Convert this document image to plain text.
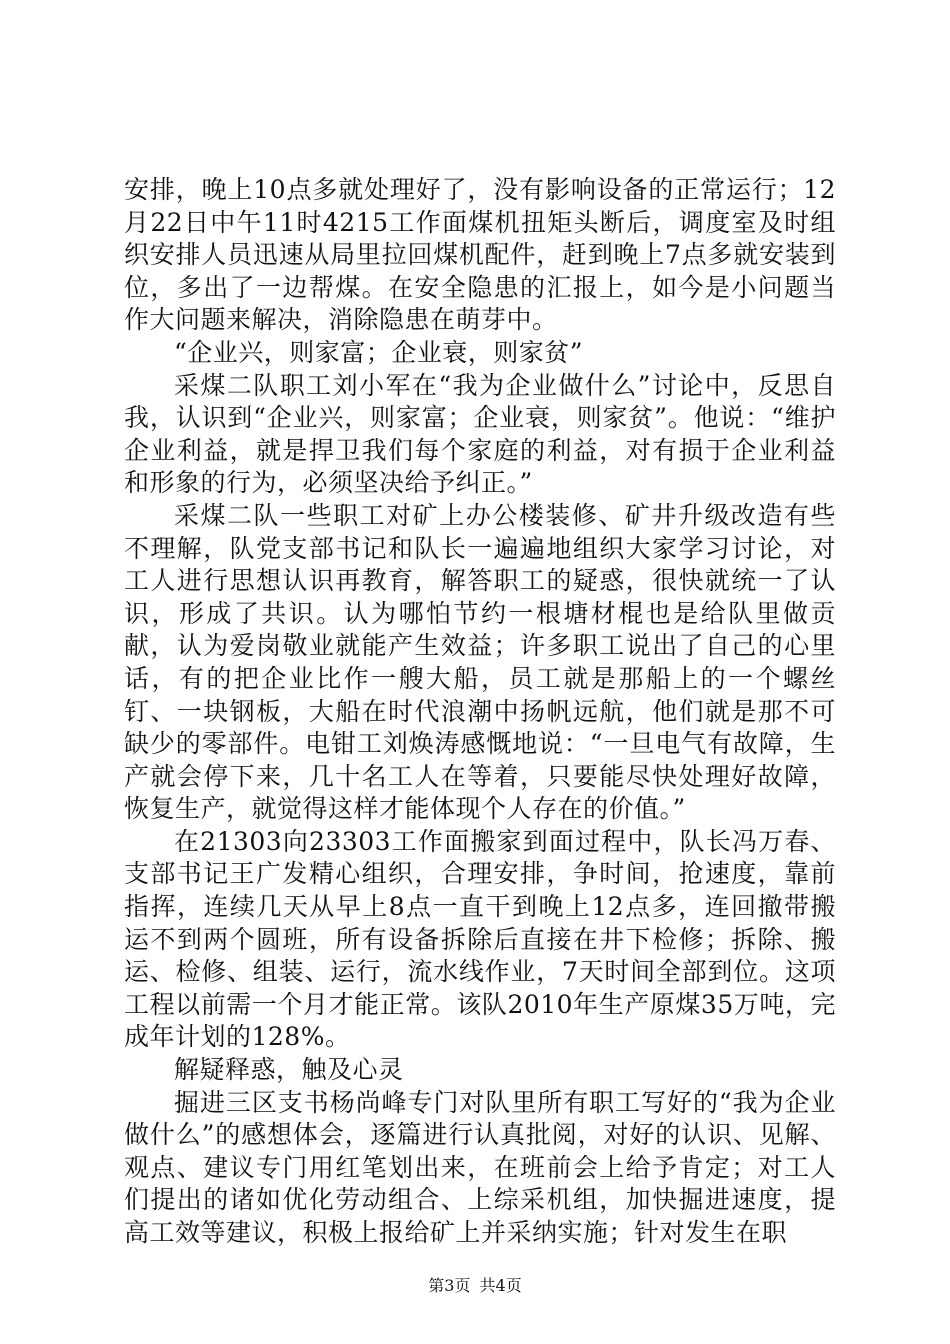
安排，晚上10点多就处理好了，没有影响设备的正常运行；12月22日中午11时4215工作面煤机扭矩头断后，调度室及时组织安排人员迅速从局里拉回煤机配件，赶到晚上7点多就安装到位，多出了一边帮煤。在安全隐患的汇报上，如今是小问题当作大问题来解决，消除隐患在萌芽中。

“企业兴，则家富；企业衰，则家贫”

采煤二队职工刘小军在“我为企业做什么”讨论中，反思自我，认识到“企业兴，则家富；企业衰，则家贫”。他说：“维护企业利益，就是捍卫我们每个家庭的利益，对有损于企业利益和形象的行为，必须坚决给予纠正。”

采煤二队一些职工对矿上办公楼装修、矿井升级改造有些不理解，队党支部书记和队长一遍遍地组织大家学习讨论，对工人进行思想认识再教育，解答职工的疑惑，很快就统一了认识，形成了共识。认为哪怕节约一根塘材棍也是给队里做贡献，认为爱岗敬业就能产生效益；许多职工说出了自己的心里话，有的把企业比作一艘大船，员工就是那船上的一个螺丝钉、一块钢板，大船在时代浪潮中扬帆远航，他们就是那不可缺少的零部件。电钳工刘焕涛感慨地说：“一旦电气有故障，生产就会停下来，几十名工人在等着，只要能尽快处理好故障，恢复生产，就觉得这样才能体现个人存在的价值。”

在21303向23303工作面搬家到面过程中，队长冯万春、支部书记王广发精心组织，合理安排，争时间，抢速度，靠前指挥，连续几天从早上8点一直干到晚上12点多，连回撤带搬运不到两个圆班，所有设备拆除后直接在井下检修；拆除、搬运、检修、组装、运行，流水线作业，7天时间全部到位。这项工程以前需一个月才能正常。该队2010年生产原煤35万吨，完成年计划的128%。

解疑释惑，触及心灵

掘进三区支书杨尚峰专门对队里所有职工写好的“我为企业做什么”的感想体会，逐篇进行认真批阅，对好的认识、见解、观点、建议专门用红笔划出来，在班前会上给予肯定；对工人们提出的诸如优化劳动组合、上综采机组，加快掘进速度，提高工效等建议，积极上报给矿上并采纳实施；针对发生在职

第3页 共4页
